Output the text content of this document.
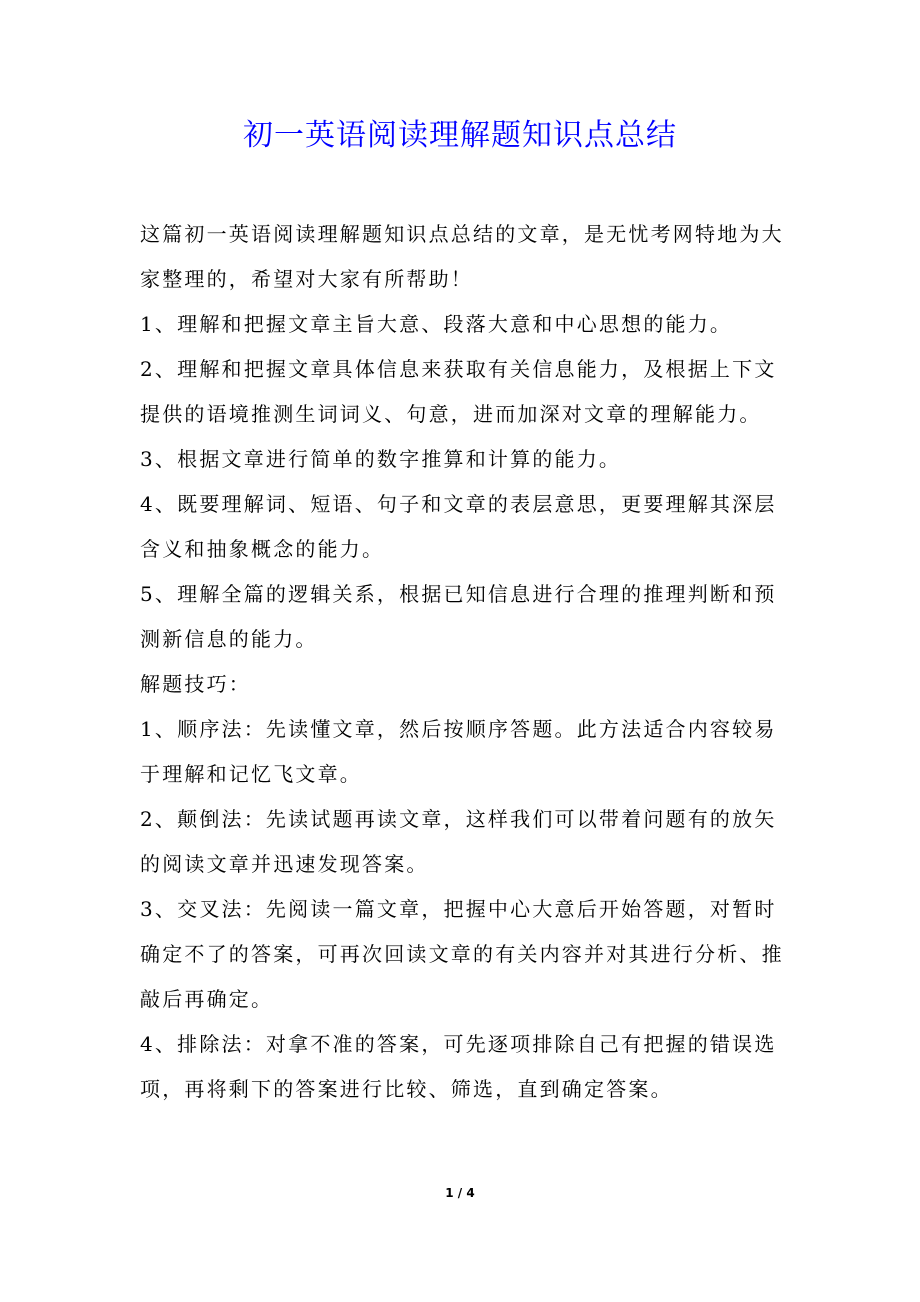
初一英语阅读理解题知识点总结

这篇初一英语阅读理解题知识点总结的文章，是无忧考网特地为大家整理的，希望对大家有所帮助！

1、理解和把握文章主旨大意、段落大意和中心思想的能力。

2、理解和把握文章具体信息来获取有关信息能力，及根据上下文提供的语境推测生词词义、句意，进而加深对文章的理解能力。

3、根据文章进行简单的数字推算和计算的能力。

4、既要理解词、短语、句子和文章的表层意思，更要理解其深层含义和抽象概念的能力。

5、理解全篇的逻辑关系，根据已知信息进行合理的推理判断和预测新信息的能力。

解题技巧：

1、顺序法：先读懂文章，然后按顺序答题。此方法适合内容较易于理解和记忆飞文章。

2、颠倒法：先读试题再读文章，这样我们可以带着问题有的放矢的阅读文章并迅速发现答案。

3、交叉法：先阅读一篇文章，把握中心大意后开始答题，对暂时确定不了的答案，可再次回读文章的有关内容并对其进行分析、推敲后再确定。

4、排除法：对拿不准的答案，可先逐项排除自己有把握的错误选项，再将剩下的答案进行比较、筛选，直到确定答案。

1 / 4
